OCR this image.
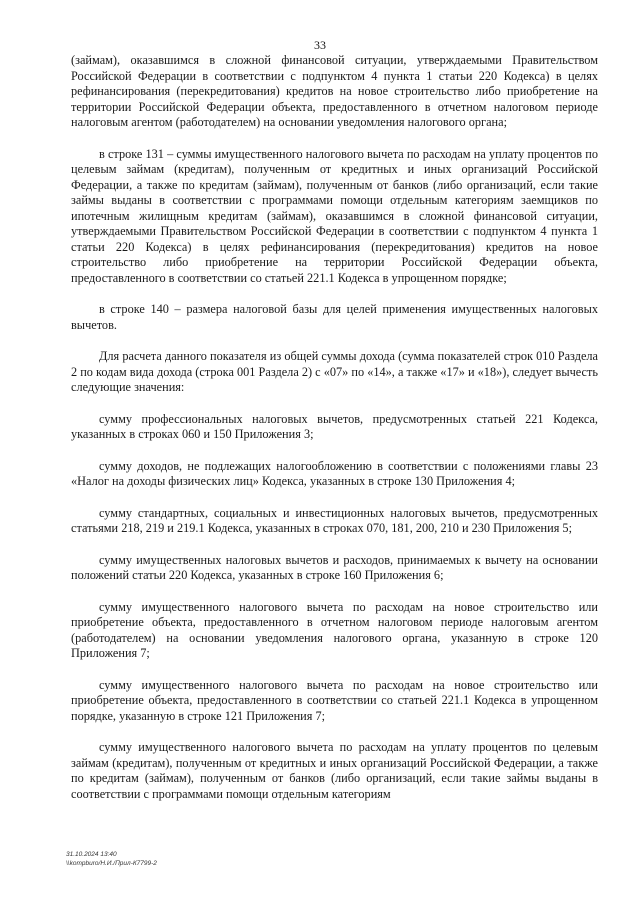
33

(займам), оказавшимся в сложной финансовой ситуации, утверждаемыми Правительством Российской Федерации в соответствии с подпунктом 4 пункта 1 статьи 220 Кодекса) в целях рефинансирования (перекредитования) кредитов на новое строительство либо приобретение на территории Российской Федерации объекта, предоставленного в отчетном налоговом периоде налоговым агентом (работодателем) на основании уведомления налогового органа;

в строке 131 – суммы имущественного налогового вычета по расходам на уплату процентов по целевым займам (кредитам), полученным от кредитных и иных организаций Российской Федерации, а также по кредитам (займам), полученным от банков (либо организаций, если такие займы выданы в соответствии с программами помощи отдельным категориям заемщиков по ипотечным жилищным кредитам (займам), оказавшимся в сложной финансовой ситуации, утверждаемыми Правительством Российской Федерации в соответствии с подпунктом 4 пункта 1 статьи 220 Кодекса) в целях рефинансирования (перекредитования) кредитов на новое строительство либо приобретение на территории Российской Федерации объекта, предоставленного в соответствии со статьей 221.1 Кодекса в упрощенном порядке;

в строке 140 – размера налоговой базы для целей применения имущественных налоговых вычетов.

Для расчета данного показателя из общей суммы дохода (сумма показателей строк 010 Раздела 2 по кодам вида дохода (строка 001 Раздела 2) с «07» по «14», а также «17» и «18»), следует вычесть следующие значения:

сумму профессиональных налоговых вычетов, предусмотренных статьей 221 Кодекса, указанных в строках 060 и 150 Приложения 3;

сумму доходов, не подлежащих налогообложению в соответствии с положениями главы 23 «Налог на доходы физических лиц» Кодекса, указанных в строке 130 Приложения 4;

сумму стандартных, социальных и инвестиционных налоговых вычетов, предусмотренных статьями 218, 219 и 219.1 Кодекса, указанных в строках 070, 181, 200, 210 и 230 Приложения 5;

сумму имущественных налоговых вычетов и расходов, принимаемых к вычету на основании положений статьи 220 Кодекса, указанных в строке 160 Приложения 6;

сумму имущественного налогового вычета по расходам на новое строительство или приобретение объекта, предоставленного в отчетном налоговом периоде налоговым агентом (работодателем) на основании уведомления налогового органа, указанную в строке 120 Приложения 7;

сумму имущественного налогового вычета по расходам на новое строительство или приобретение объекта, предоставленного в соответствии со статьей 221.1 Кодекса в упрощенном порядке, указанную в строке 121 Приложения 7;

сумму имущественного налогового вычета по расходам на уплату процентов по целевым займам (кредитам), полученным от кредитных и иных организаций Российской Федерации, а также по кредитам (займам), полученным от банков (либо организаций, если такие займы выданы в соответствии с программами помощи отдельным категориям

31.10.2024 13:40
\\kompburo/Н.И./Прил-К7799-2
